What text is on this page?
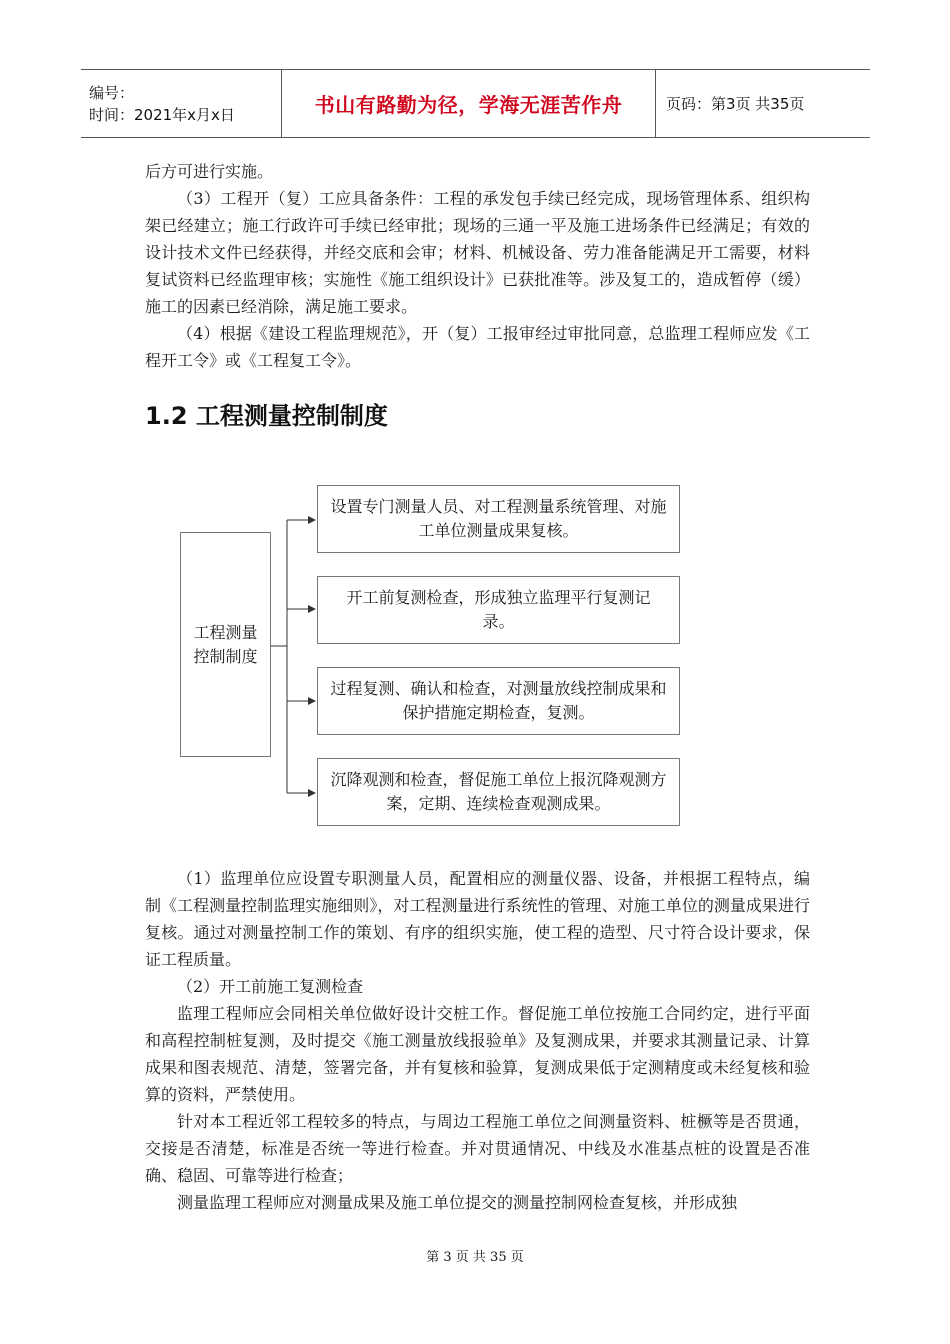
编号：
时间：2021年x月x日	书山有路勤为径，学海无涯苦作舟	页码：第3页 共35页

后方可进行实施。

（3）工程开（复）工应具备条件：工程的承发包手续已经完成，现场管理体系、组织构架已经建立；施工行政许可手续已经审批；现场的三通一平及施工进场条件已经满足；有效的设计技术文件已经获得，并经交底和会审；材料、机械设备、劳力准备能满足开工需要，材料复试资料已经监理审核；实施性《施工组织设计》已获批准等。涉及复工的，造成暂停（缓）施工的因素已经消除，满足施工要求。

（4）根据《建设工程监理规范》，开（复）工报审经过审批同意，总监理工程师应发《工程开工令》或《工程复工令》。

1.2 工程测量控制制度
工程测量控制制度
设置专门测量人员、对工程测量系统管理、对施工单位测量成果复核。
开工前复测检查，形成独立监理平行复测记录。
过程复测、确认和检查，对测量放线控制成果和保护措施定期检查，复测。
沉降观测和检查，督促施工单位上报沉降观测方案，定期、连续检查观测成果。

（1）监理单位应设置专职测量人员，配置相应的测量仪器、设备，并根据工程特点，编制《工程测量控制监理实施细则》，对工程测量进行系统性的管理、对施工单位的测量成果进行复核。通过对测量控制工作的策划、有序的组织实施，使工程的造型、尺寸符合设计要求，保证工程质量。

（2）开工前施工复测检查

监理工程师应会同相关单位做好设计交桩工作。督促施工单位按施工合同约定，进行平面和高程控制桩复测，及时提交《施工测量放线报验单》及复测成果，并要求其测量记录、计算成果和图表规范、清楚，签署完备，并有复核和验算，复测成果低于定测精度或未经复核和验算的资料，严禁使用。

针对本工程近邻工程较多的特点，与周边工程施工单位之间测量资料、桩橛等是否贯通，交接是否清楚，标准是否统一等进行检查。并对贯通情况、中线及水准基点桩的设置是否准确、稳固、可靠等进行检查；

测量监理工程师应对测量成果及施工单位提交的测量控制网检查复核，并形成独

第 3 页 共 35 页
